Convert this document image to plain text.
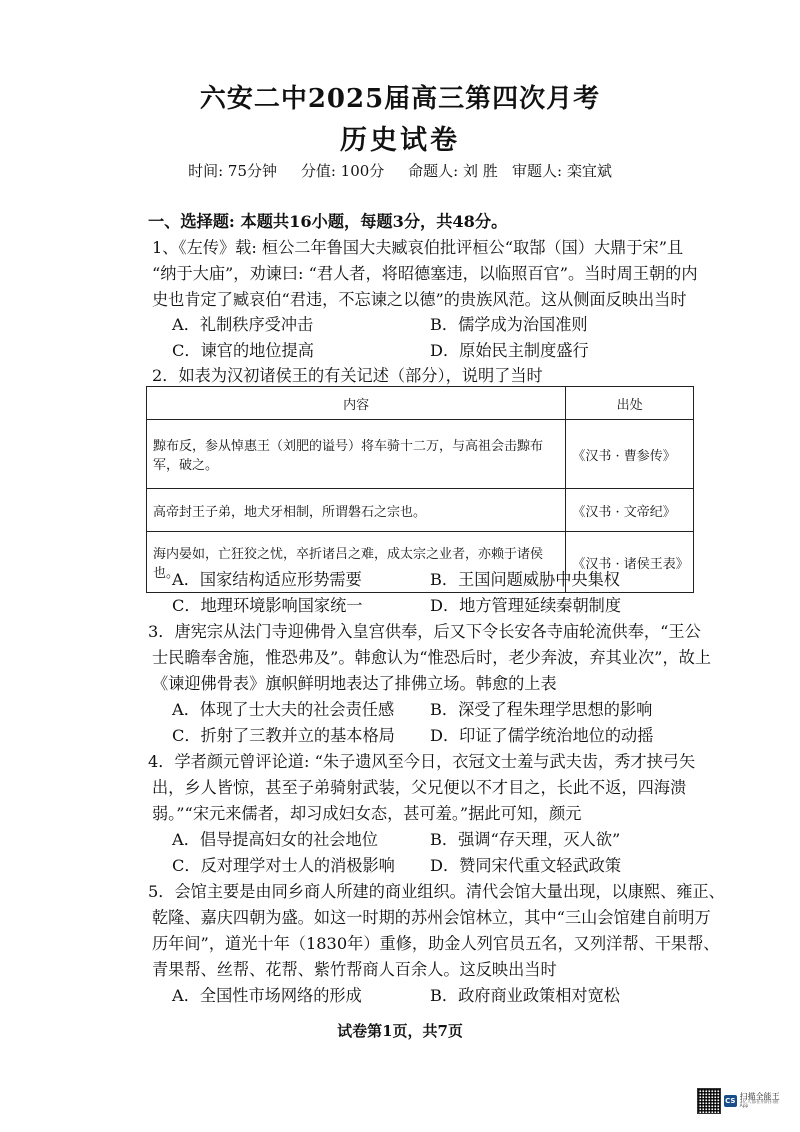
六安二中2025届高三第四次月考
历史试卷
时间: 75分钟     分值: 100分     命题人: 刘 胜   审题人: 栾宜斌
一、选择题: 本题共16小题，每题3分，共48分。
1、《左传》载: 桓公二年鲁国大夫臧哀伯批评桓公“取郜（国）大鼎于宋”且
“纳于大庙”，劝谏曰: “君人者，将昭德塞违，以临照百官”。当时周王朝的内
史也肯定了臧哀伯“君违，不忘谏之以德”的贵族风范。这从侧面反映出当时
A．礼制秩序受冲击	B．儒学成为治国准则
C．谏官的地位提高	D．原始民主制度盛行
2．如表为汉初诸侯王的有关记述（部分），说明了当时
内容	出处
黥布反，参从悼惠王（刘肥的谥号）将车骑十二万，与高祖会击黥布军，破之。	《汉书 · 曹参传》
高帝封王子弟，地犬牙相制，所谓磐石之宗也。	《汉书 · 文帝纪》
海内晏如，亡狂狡之忧，卒折诸吕之难，成太宗之业者，亦赖于诸侯也。	《汉书 · 诸侯王表》
A．国家结构适应形势需要	B．王国问题威胁中央集权
C．地理环境影响国家统一	D．地方管理延续秦朝制度
3．唐宪宗从法门寺迎佛骨入皇宫供奉，后又下令长安各寺庙轮流供奉，“王公
士民瞻奉舍施，惟恐弗及”。韩愈认为“惟恐后时，老少奔波，弃其业次”，故上
《谏迎佛骨表》旗帜鲜明地表达了排佛立场。韩愈的上表
A．体现了士大夫的社会责任感 B．深受了程朱理学思想的影响
C．折射了三教并立的基本格局 D．印证了儒学统治地位的动摇
4．学者颜元曾评论道: “朱子遗风至今日，衣冠文士羞与武夫齿，秀才挟弓矢
出，乡人皆惊，甚至子弟骑射武装，父兄便以不才目之，长此不返，四海溃
弱。”“宋元来儒者，却习成妇女态，甚可羞。”据此可知，颜元
A．倡导提高妇女的社会地位	B．强调“存天理，灭人欲”
C．反对理学对士人的消极影响 D．赞同宋代重文轻武政策
5．会馆主要是由同乡商人所建的商业组织。清代会馆大量出现，以康熙、雍正、
乾隆、嘉庆四朝为盛。如这一时期的苏州会馆林立，其中“三山会馆建自前明万
历年间”，道光十年（1830年）重修，助金人列官员五名，又列洋帮、干果帮、
青果帮、丝帮、花帮、紫竹帮商人百余人。这反映出当时
A．全国性市场网络的形成	B．政府商业政策相对宽松
试卷第1页，共7页
CS
扫描全能王
3亿人都在用的扫描App
